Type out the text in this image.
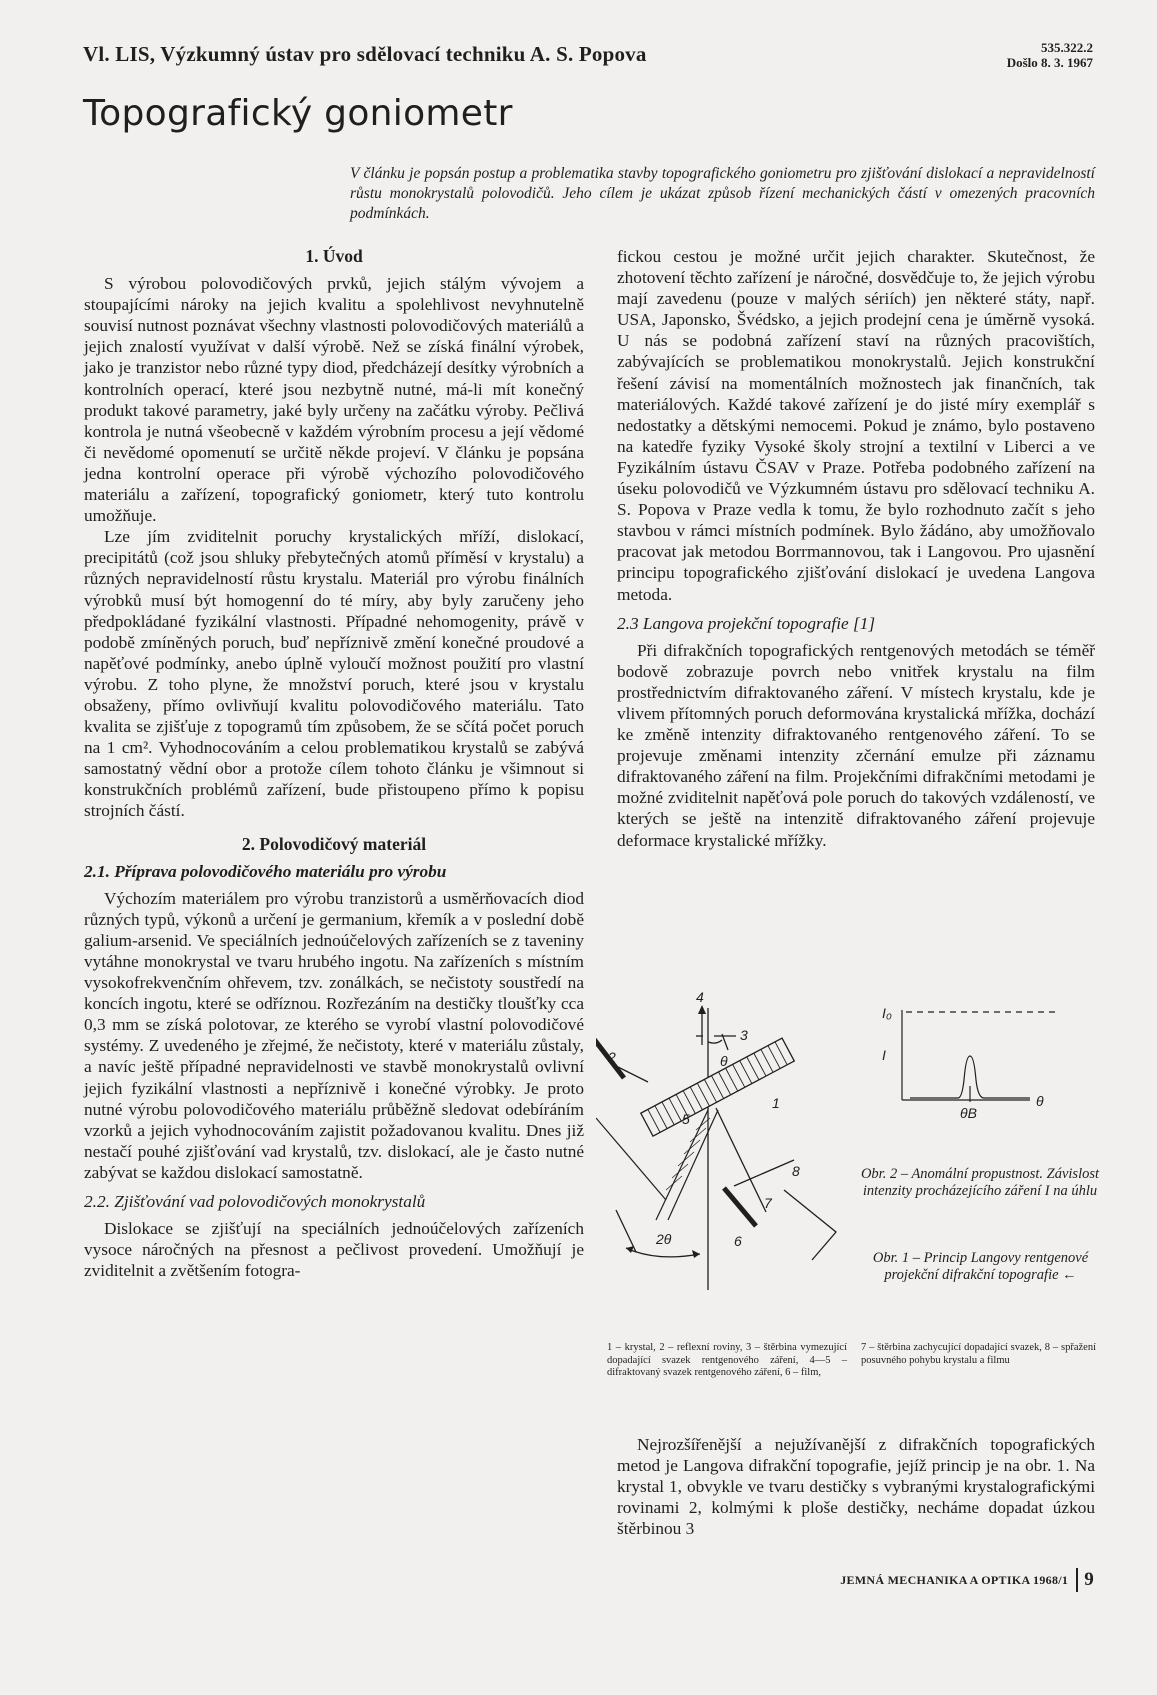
Vl. LIS, Výzkumný ústav pro sdělovací techniku A. S. Popova	535.322.2
Došlo 8. 3. 1967
Topografický goniometr

V článku je popsán postup a problematika stavby topografického goniometru pro zjišťování dislokací a nepravidelností růstu monokrystalů polovodičů. Jeho cílem je ukázat způsob řízení mechanických částí v omezených pracovních podmínkách.

1. Úvod

S výrobou polovodičových prvků, jejich stálým vývojem a stoupajícími nároky na jejich kvalitu a spolehlivost nevyhnutelně souvisí nutnost poznávat všechny vlastnosti polovodičových materiálů a jejich znalostí využívat v další výrobě. Než se získá finální výrobek, jako je tranzistor nebo různé typy diod, předcházejí desítky výrobních a kontrolních operací, které jsou nezbytně nutné, má-li mít konečný produkt takové parametry, jaké byly určeny na začátku výroby. Pečlivá kontrola je nutná všeobecně v každém výrobním procesu a její vědomé či nevědomé opomenutí se určitě někde projeví. V článku je popsána jedna kontrolní operace při výrobě výchozího polovodičového materiálu a zařízení, topografický goniometr, který tuto kontrolu umožňuje.

Lze jím zviditelnit poruchy krystalických mříží, dislokací, precipitátů (což jsou shluky přebytečných atomů příměsí v krystalu) a různých nepravidelností růstu krystalu. Materiál pro výrobu finálních výrobků musí být homogenní do té míry, aby byly zaručeny jeho předpokládané fyzikální vlastnosti. Případné nehomogenity, právě v podobě zmíněných poruch, buď nepříznivě změní konečné proudové a napěťové podmínky, anebo úplně vyloučí možnost použití pro vlastní výrobu. Z toho plyne, že množství poruch, které jsou v krystalu obsaženy, přímo ovlivňují kvalitu polovodičového materiálu. Tato kvalita se zjišťuje z topogramů tím způsobem, že se sčítá počet poruch na 1 cm². Vyhodnocováním a celou problematikou krystalů se zabývá samostatný vědní obor a protože cílem tohoto článku je všimnout si konstrukčních problémů zařízení, bude přistoupeno přímo k popisu strojních částí.

2. Polovodičový materiál
2.1. Příprava polovodičového materiálu pro výrobu

Výchozím materiálem pro výrobu tranzistorů a usměrňovacích diod různých typů, výkonů a určení je germanium, křemík a v poslední době galium-arsenid. Ve speciálních jednoúčelových zařízeních se z taveniny vytáhne monokrystal ve tvaru hrubého ingotu. Na zařízeních s místním vysokofrekvenčním ohřevem, tzv. zonálkách, se nečistoty soustředí na koncích ingotu, které se odříznou. Rozřezáním na destičky tloušťky cca 0,3 mm se získá polotovar, ze kterého se vyrobí vlastní polovodičové systémy. Z uvedeného je zřejmé, že nečistoty, které v materiálu zůstaly, a navíc ještě případné nepravidelnosti ve stavbě monokrystalů ovlivní jejich fyzikální vlastnosti a nepříznivě i konečné výrobky. Je proto nutné výrobu polovodičového materiálu průběžně sledovat odebíráním vzorků a jejich vyhodnocováním zajistit požadovanou kvalitu. Dnes již nestačí pouhé zjišťování vad krystalů, tzv. dislokací, ale je často nutné zabývat se každou dislokací samostatně.

2.2. Zjišťování vad polovodičových monokrystalů

Dislokace se zjišťují na speciálních jednoúčelových zařízeních vysoce náročných na přesnost a pečlivost provedení. Umožňují je zviditelnit a zvětšením fotogra-

fickou cestou je možné určit jejich charakter. Skutečnost, že zhotovení těchto zařízení je náročné, dosvědčuje to, že jejich výrobu mají zavedenu (pouze v malých sériích) jen některé státy, např. USA, Japonsko, Švédsko, a jejich prodejní cena je úměrně vysoká. U nás se podobná zařízení staví na různých pracovištích, zabývajících se problematikou monokrystalů. Jejich konstrukční řešení závisí na momentálních možnostech jak finančních, tak materiálových. Každé takové zařízení je do jisté míry exemplář s nedostatky a dětskými nemocemi. Pokud je známo, bylo postaveno na katedře fyziky Vysoké školy strojní a textilní v Liberci a ve Fyzikálním ústavu ČSAV v Praze. Potřeba podobného zařízení na úseku polovodičů ve Výzkumném ústavu pro sdělovací techniku A. S. Popova v Praze vedla k tomu, že bylo rozhodnuto začít s jeho stavbou v rámci místních podmínek. Bylo žádáno, aby umožňovalo pracovat jak metodou Borrmannovou, tak i Langovou. Pro ujasnění principu topografického zjišťování dislokací je uvedena Langova metoda.

2.3 Langova projekční topografie [1]

Při difrakčních topografických rentgenových metodách se téměř bodově zobrazuje povrch nebo vnitřek krystalu na film prostřednictvím difraktovaného záření. V místech krystalu, kde je vlivem přítomných poruch deformována krystalická mřížka, dochází ke změně intenzity difraktovaného rentgenového záření. To se projevuje změnami intenzity zčernání emulze při záznamu difraktovaného záření na film. Projekčními difrakčními metodami je možné zviditelnit napěťová pole poruch do takových vzdáleností, ve kterých se ještě na intenzitě difraktovaného záření projevuje deformace krystalické mřížky.

4
3
2	θ
1
5
8
7
2θ	6
I₀
I
θB
θ
Obr. 2 – Anomální propustnost. Závislost intenzity procházejícího záření I na úhlu
Obr. 1 – Princip Langovy rentgenové projekční difrakční topografie ←
1 – krystal, 2 – reflexní roviny, 3 – štěrbina vymezující dopadající svazek rentgenového záření, 4—5 – difraktovaný svazek rentgenového záření, 6 – film,
7 – štěrbina zachycující dopadající svazek, 8 – spřažení posuvného pohybu krystalu a filmu

Nejrozšířenější a nejužívanější z difrakčních topografických metod je Langova difrakční topografie, jejíž princip je na obr. 1. Na krystal 1, obvykle ve tvaru destičky s vybranými krystalografickými rovinami 2, kolmými k ploše destičky, necháme dopadat úzkou štěrbinou 3

JEMNÁ MECHANIKA A OPTIKA 1968/1 9
